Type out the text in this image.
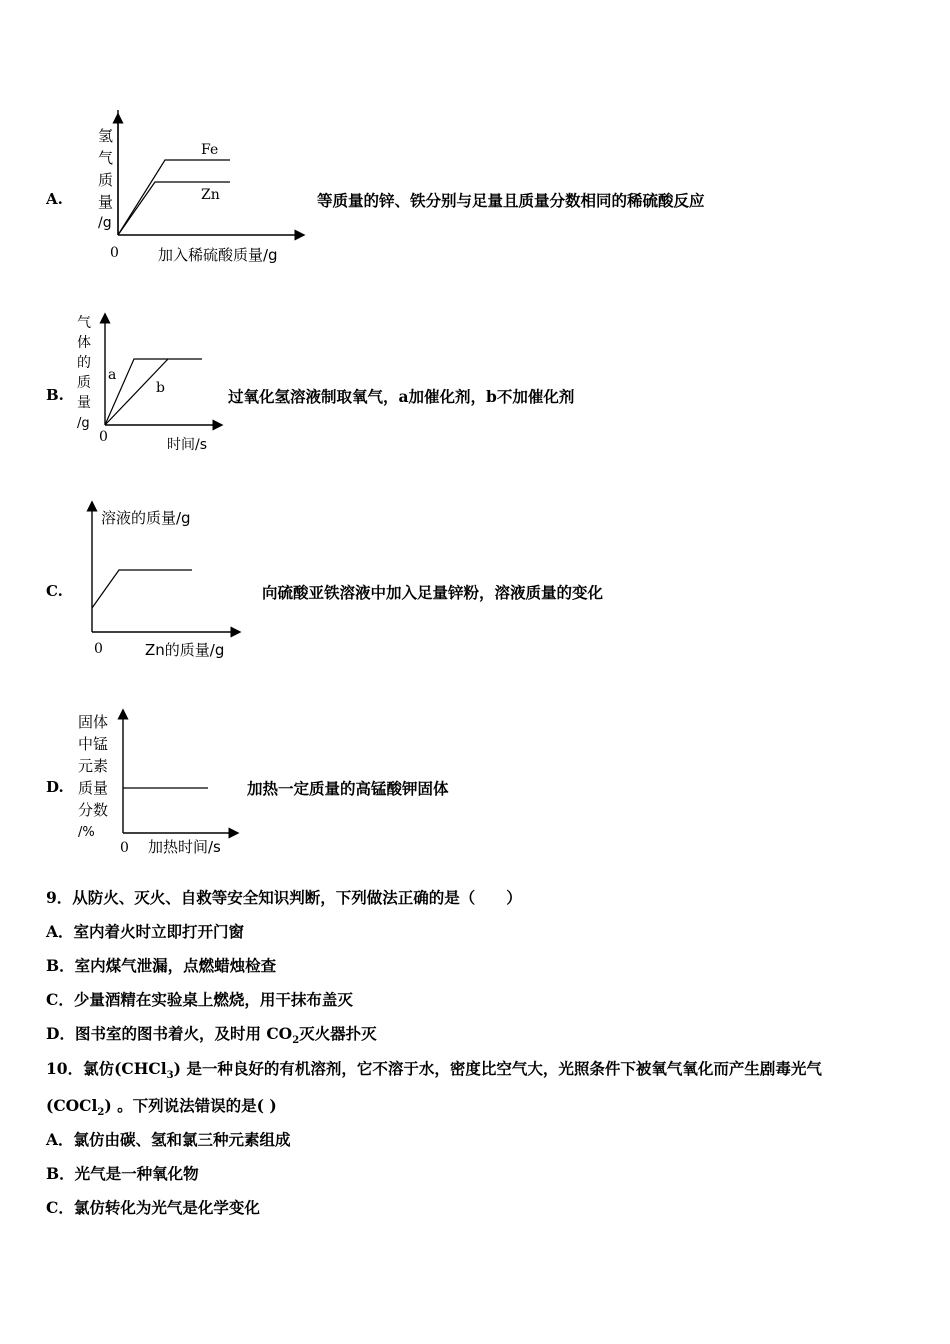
A.
Fe
Zn
氢
气
质
量
/g
0	加入稀硫酸质量/g
等质量的锌、铁分别与足量且质量分数相同的稀硫酸反应
B.
a
b
气
体
的
质
量
/g
0	时间/s
过氧化氢溶液制取氧气，a加催化剂，b不加催化剂
C.
溶液的质量/g
0	Zn的质量/g
向硫酸亚铁溶液中加入足量锌粉，溶液质量的变化
D.
固体
中锰
元素
质量
分数
/%
0 加热时间/s
加热一定质量的高锰酸钾固体
9．从防火、灭火、自救等安全知识判断，下列做法正确的是（　　）
A．室内着火时立即打开门窗
B．室内煤气泄漏，点燃蜡烛检查
C．少量酒精在实验桌上燃烧，用干抹布盖灭
D．图书室的图书着火，及时用 $CO_2$灭火器扑灭
10．氯仿(CHCl$_3$) 是一种良好的有机溶剂，它不溶于水，密度比空气大，光照条件下被氧气氧化而产生剧毒光气
(COCl$_2$) 。下列说法错误的是( )
A．氯仿由碳、氢和氯三种元素组成
B．光气是一种氧化物
C．氯仿转化为光气是化学变化
